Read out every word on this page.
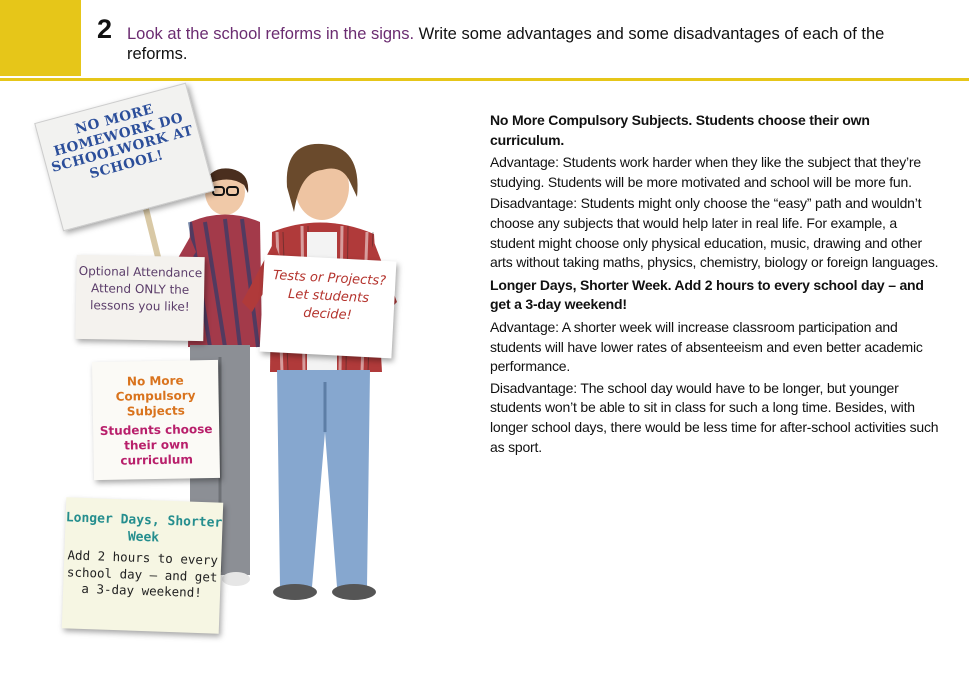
2 Look at the school reforms in the signs. Write some advantages and some disadvantages of each of the reforms.
NO MORE HOMEWORK DO SCHOOLWORK AT SCHOOL!
Optional Attendance Attend ONLY the lessons you like!
Tests or Projects? Let students decide!
No More Compulsory Subjects
Students choose their own curriculum
Longer Days, Shorter Week
Add 2 hours to every school day – and get a 3-day weekend!

No More Compulsory Subjects. Students choose their own curriculum.

Advantage: Students work harder when they like the subject that they’re studying. Students will be more motivated and school will be more fun.

Disadvantage: Students might only choose the “easy” path and wouldn’t choose any subjects that would help later in real life. For example, a student might choose only physical education, music, drawing and other arts without taking maths, physics, chemistry, biology or foreign languages.

Longer Days, Shorter Week. Add 2 hours to every school day – and get a 3-day weekend!

Advantage: A shorter week will increase classroom participation and students will have lower rates of absenteeism and even better academic performance.

Disadvantage: The school day would have to be longer, but younger students won’t be able to sit in class for such a long time. Besides, with longer school days, there would be less time for after-school activities such as sport.
